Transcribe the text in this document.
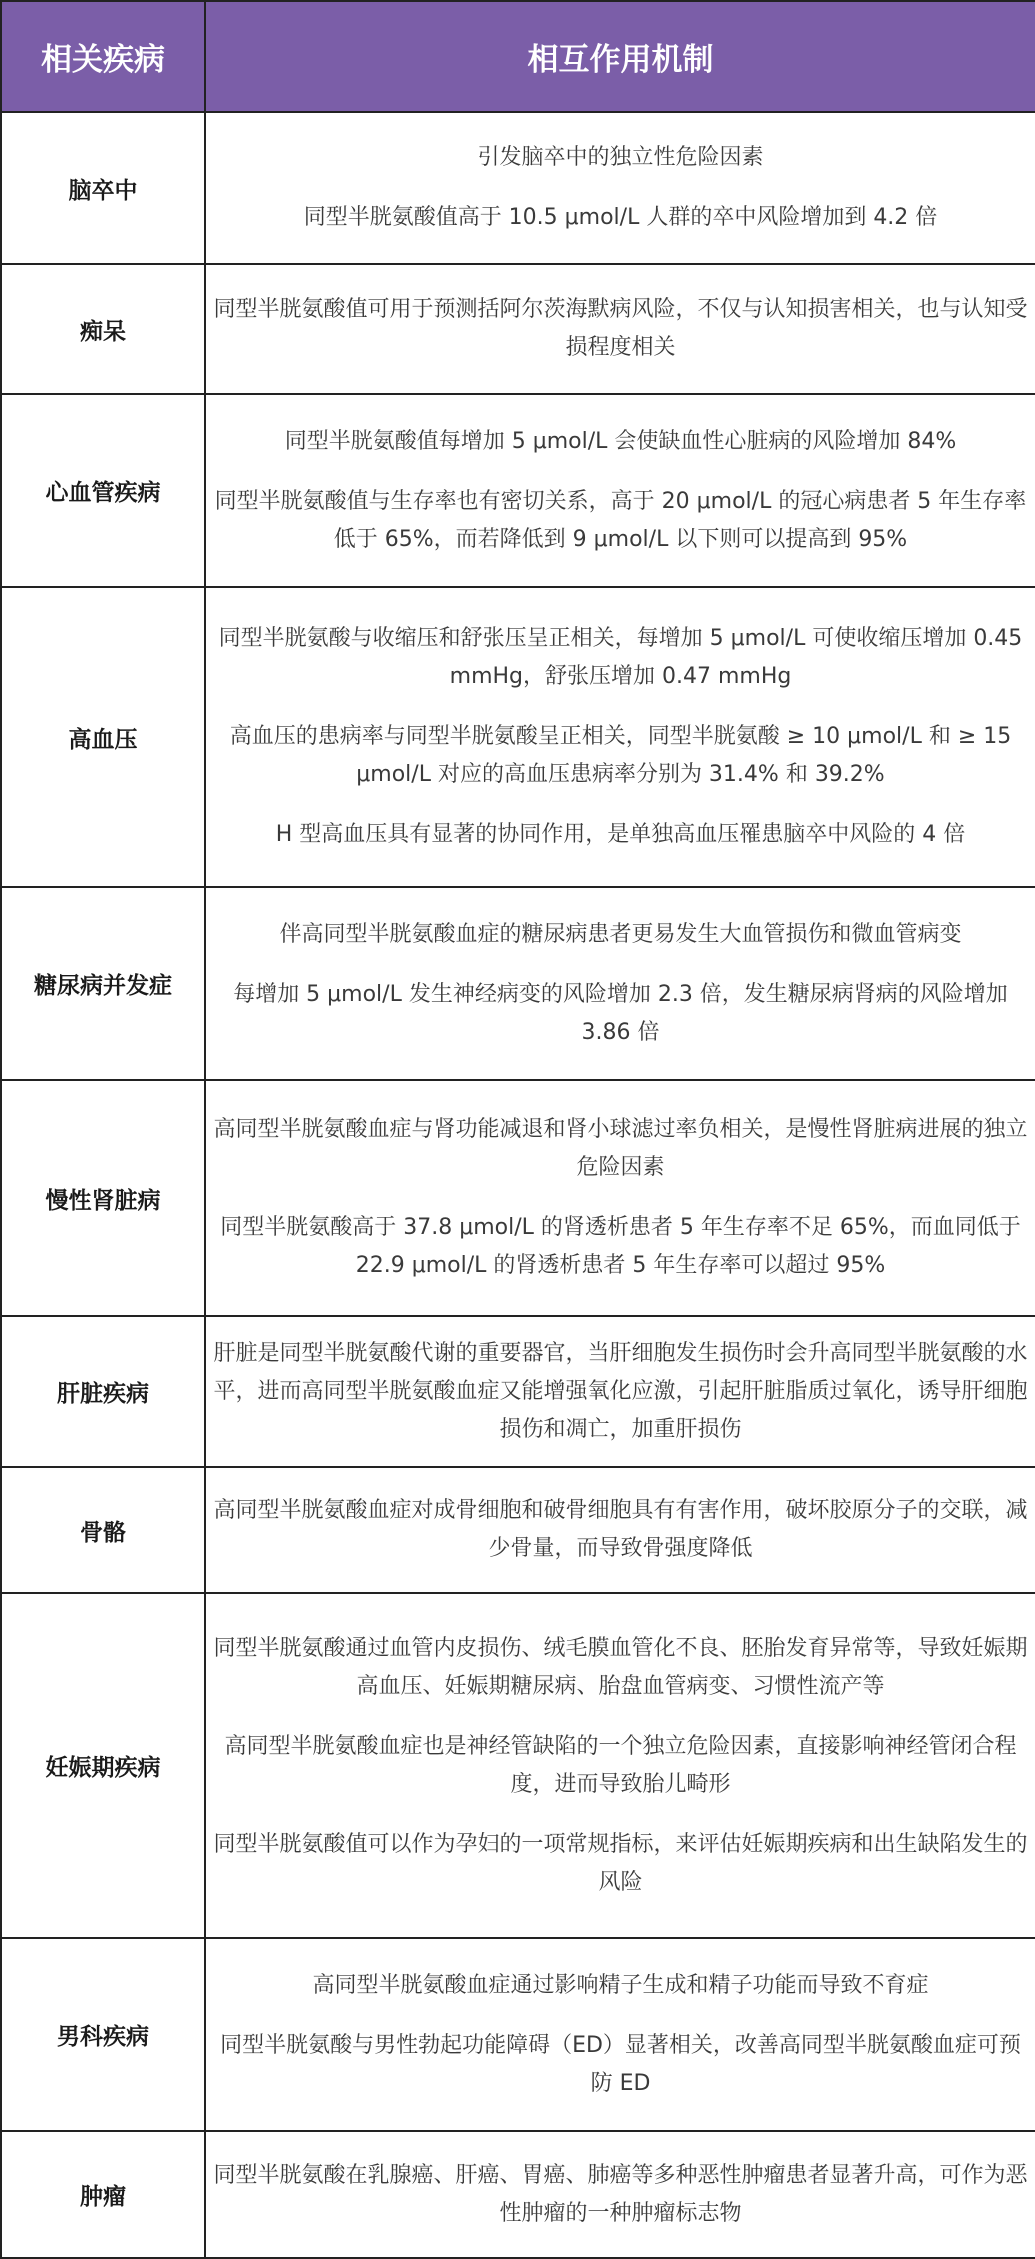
相关疾病	相互作用机制
脑卒中	引发脑卒中的独立性危险因素
同型半胱氨酸值高于 10.5 μmol/L 人群的卒中风险增加到 4.2 倍

痴呆	同型半胱氨酸值可用于预测括阿尔茨海默病风险，不仅与认知损害相关，也与认知受损程度相关

心血管疾病	同型半胱氨酸值每增加 5 μmol/L 会使缺血性心脏病的风险增加 84%
同型半胱氨酸值与生存率也有密切关系，高于 20 μmol/L 的冠心病患者 5 年生存率低于 65%，而若降低到 9 μmol/L 以下则可以提高到 95%

高血压	同型半胱氨酸与收缩压和舒张压呈正相关，每增加 5 μmol/L 可使收缩压增加 0.45 mmHg，舒张压增加 0.47 mmHg
高血压的患病率与同型半胱氨酸呈正相关，同型半胱氨酸 ≥ 10 μmol/L 和 ≥ 15 μmol/L 对应的高血压患病率分别为 31.4% 和 39.2%
H 型高血压具有显著的协同作用，是单独高血压罹患脑卒中风险的 4 倍

糖尿病并发症	伴高同型半胱氨酸血症的糖尿病患者更易发生大血管损伤和微血管病变
每增加 5 μmol/L 发生神经病变的风险增加 2.3 倍，发生糖尿病肾病的风险增加 3.86 倍

慢性肾脏病	高同型半胱氨酸血症与肾功能减退和肾小球滤过率负相关，是慢性肾脏病进展的独立危险因素
同型半胱氨酸高于 37.8 μmol/L 的肾透析患者 5 年生存率不足 65%，而血同低于 22.9 μmol/L 的肾透析患者 5 年生存率可以超过 95%

肝脏疾病	肝脏是同型半胱氨酸代谢的重要器官，当肝细胞发生损伤时会升高同型半胱氨酸的水平，进而高同型半胱氨酸血症又能增强氧化应激，引起肝脏脂质过氧化，诱导肝细胞损伤和凋亡，加重肝损伤

骨骼	高同型半胱氨酸血症对成骨细胞和破骨细胞具有有害作用，破坏胶原分子的交联，减少骨量，而导致骨强度降低

妊娠期疾病	同型半胱氨酸通过血管内皮损伤、绒毛膜血管化不良、胚胎发育异常等，导致妊娠期高血压、妊娠期糖尿病、胎盘血管病变、习惯性流产等
高同型半胱氨酸血症也是神经管缺陷的一个独立危险因素，直接影响神经管闭合程度，进而导致胎儿畸形
同型半胱氨酸值可以作为孕妇的一项常规指标，来评估妊娠期疾病和出生缺陷发生的风险

男科疾病	高同型半胱氨酸血症通过影响精子生成和精子功能而导致不育症
同型半胱氨酸与男性勃起功能障碍（ED）显著相关，改善高同型半胱氨酸血症可预防 ED

肿瘤	同型半胱氨酸在乳腺癌、肝癌、胃癌、肺癌等多种恶性肿瘤患者显著升高，可作为恶性肿瘤的一种肿瘤标志物
